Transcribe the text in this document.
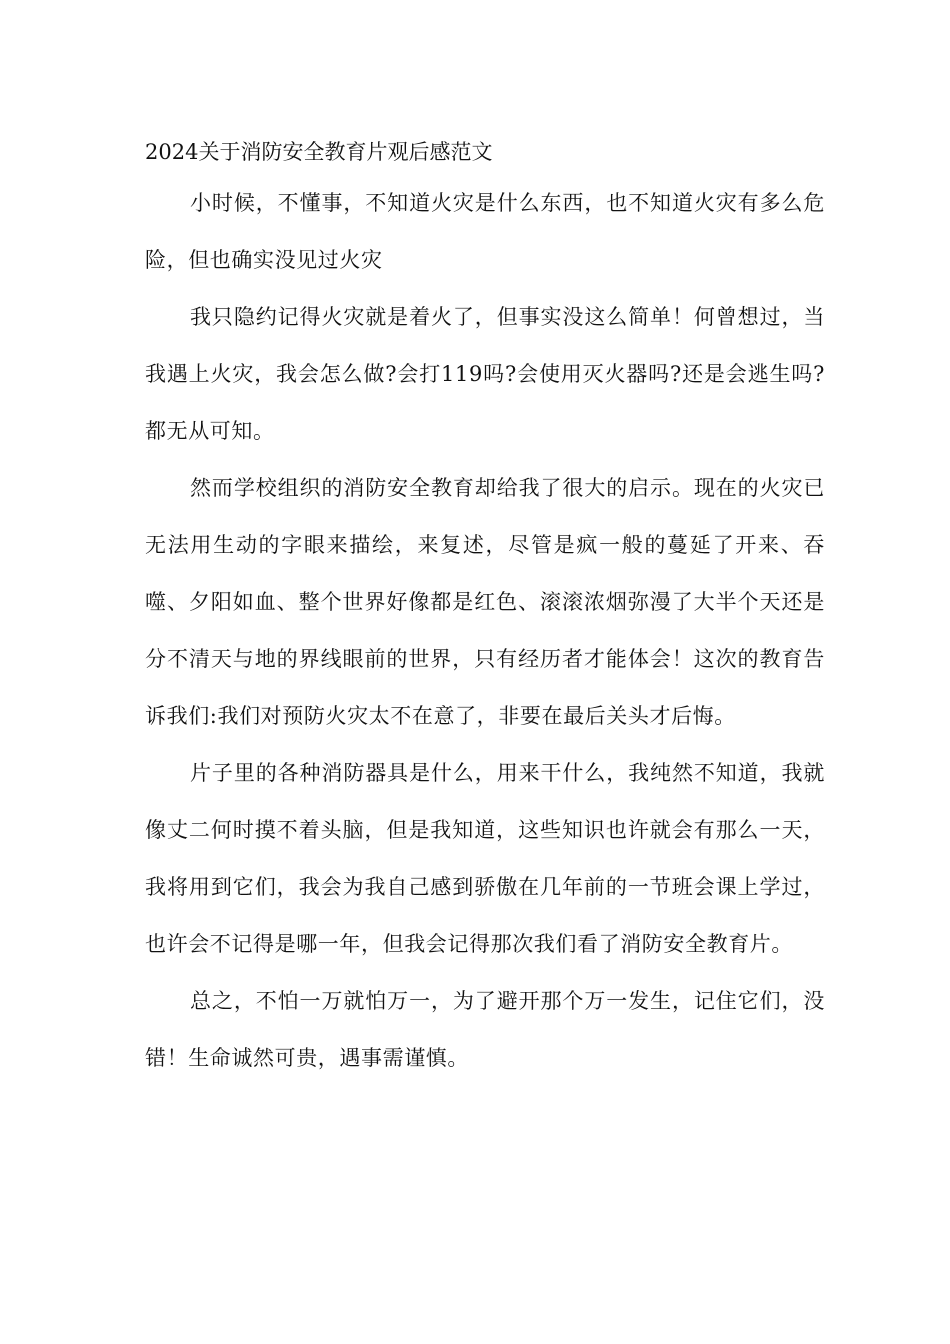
2024关于消防安全教育片观后感范文

小时候，不懂事，不知道火灾是什么东西，也不知道火灾有多么危险，但也确实没见过火灾

我只隐约记得火灾就是着火了，但事实没这么简单！何曾想过，当我遇上火灾，我会怎么做?会打119吗?会使用灭火器吗?还是会逃生吗?都无从可知。

然而学校组织的消防安全教育却给我了很大的启示。现在的火灾已无法用生动的字眼来描绘，来复述，尽管是疯一般的蔓延了开来、吞噬、夕阳如血、整个世界好像都是红色、滚滚浓烟弥漫了大半个天还是分不清天与地的界线眼前的世界，只有经历者才能体会！这次的教育告诉我们:我们对预防火灾太不在意了，非要在最后关头才后悔。

片子里的各种消防器具是什么，用来干什么，我纯然不知道，我就像丈二何时摸不着头脑，但是我知道，这些知识也许就会有那么一天，我将用到它们，我会为我自己感到骄傲在几年前的一节班会课上学过，也许会不记得是哪一年，但我会记得那次我们看了消防安全教育片。

总之，不怕一万就怕万一，为了避开那个万一发生，记住它们，没错！生命诚然可贵，遇事需谨慎。
